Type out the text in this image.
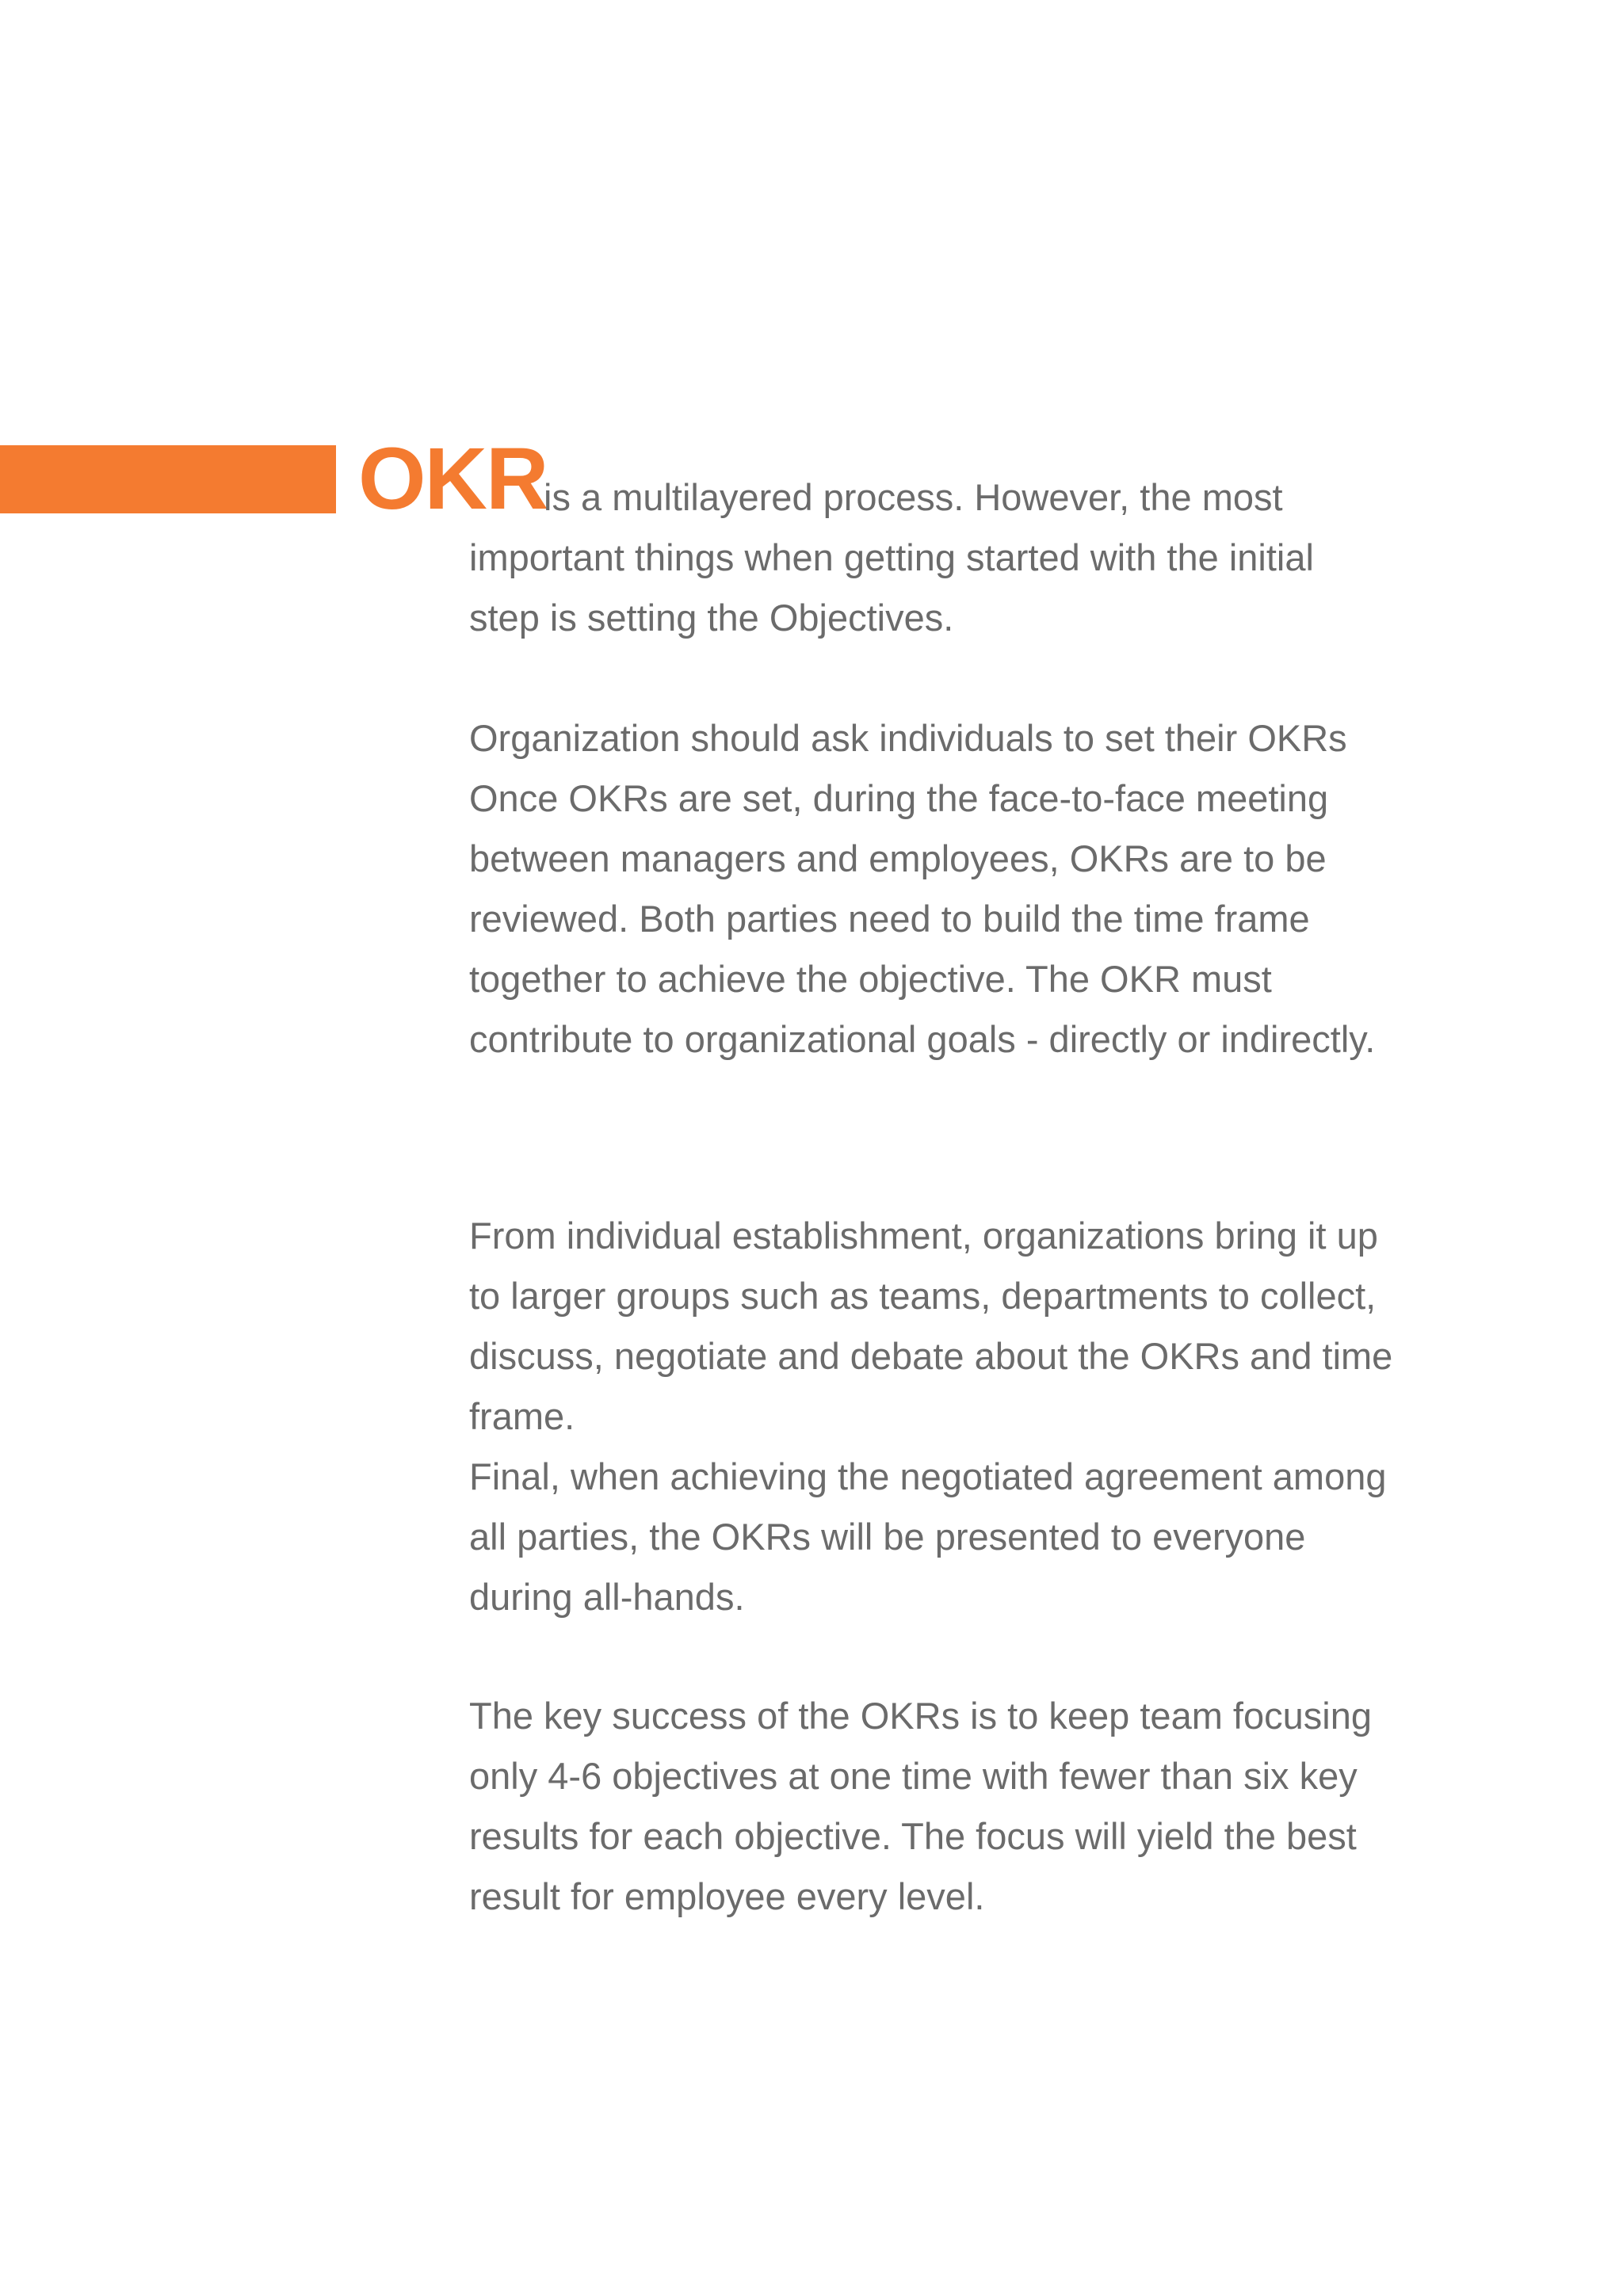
OKR
is a multilayered process. However, the most
important things when getting started with the initial
step is setting the Objectives.
Organization should ask individuals to set their OKRs
Once OKRs are set, during the face-to-face meeting
between managers and employees, OKRs are to be
reviewed. Both parties need to build the time frame
together to achieve the objective. The OKR must
contribute to organizational goals - directly or indirectly.
From individual establishment, organizations bring it up
to larger groups such as teams, departments to collect,
discuss, negotiate and debate about the OKRs and time
frame.
Final, when achieving the negotiated agreement among
all parties, the OKRs will be presented to everyone
during all-hands.
The key success of the OKRs is to keep team focusing
only 4-6 objectives at one time with fewer than six key
results for each objective. The focus will yield the best
result for employee every level.
